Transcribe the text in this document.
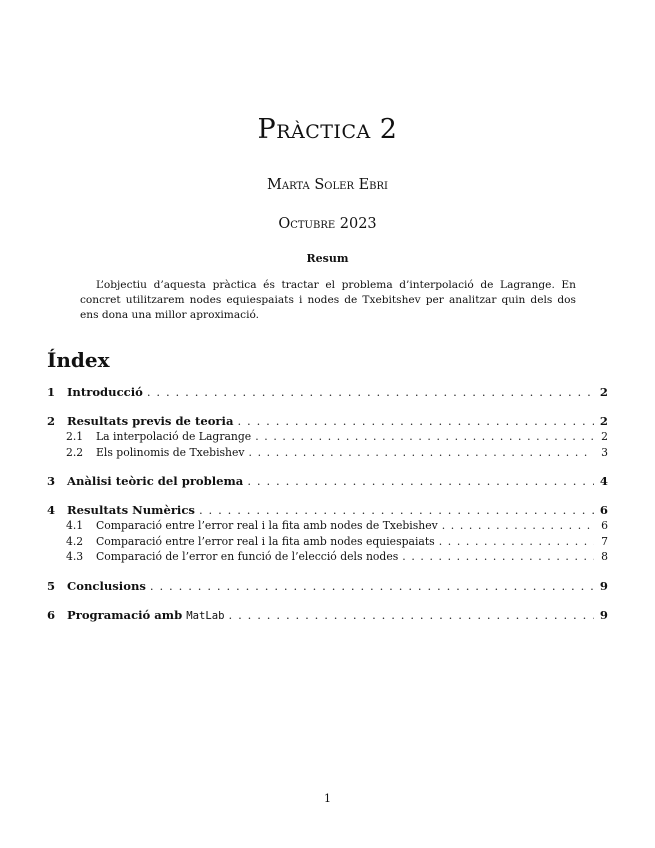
Pràctica 2
Marta Soler Ebri
Octubre 2023
Resum
L’objectiu d’aquesta pràctica és tractar el problema d’interpolació de Lagrange. En concret utilitzarem nodes equiespaiats i nodes de Txebitshev per analitzar quin dels dos ens dona una millor aproximació.
Índex
1	Introducció . . .	2
2	Resultats previs de teoria . . .	2
2.1	La interpolació de Lagrange . . .	2
2.2	Els polinomis de Txebishev . . .	3
3	Anàlisi teòric del problema . . .	4
4	Resultats Numèrics . . .	6
4.1	Comparació entre l’error real i la fita amb nodes de Txebishev . . .	6
4.2	Comparació entre l’error real i la fita amb nodes equiespaiats . . .	7
4.3	Comparació de l’error en funció de l’elecció dels nodes . . .	8
5	Conclusions . . .	9
6	Programació amb MatLab . . .	9
1
